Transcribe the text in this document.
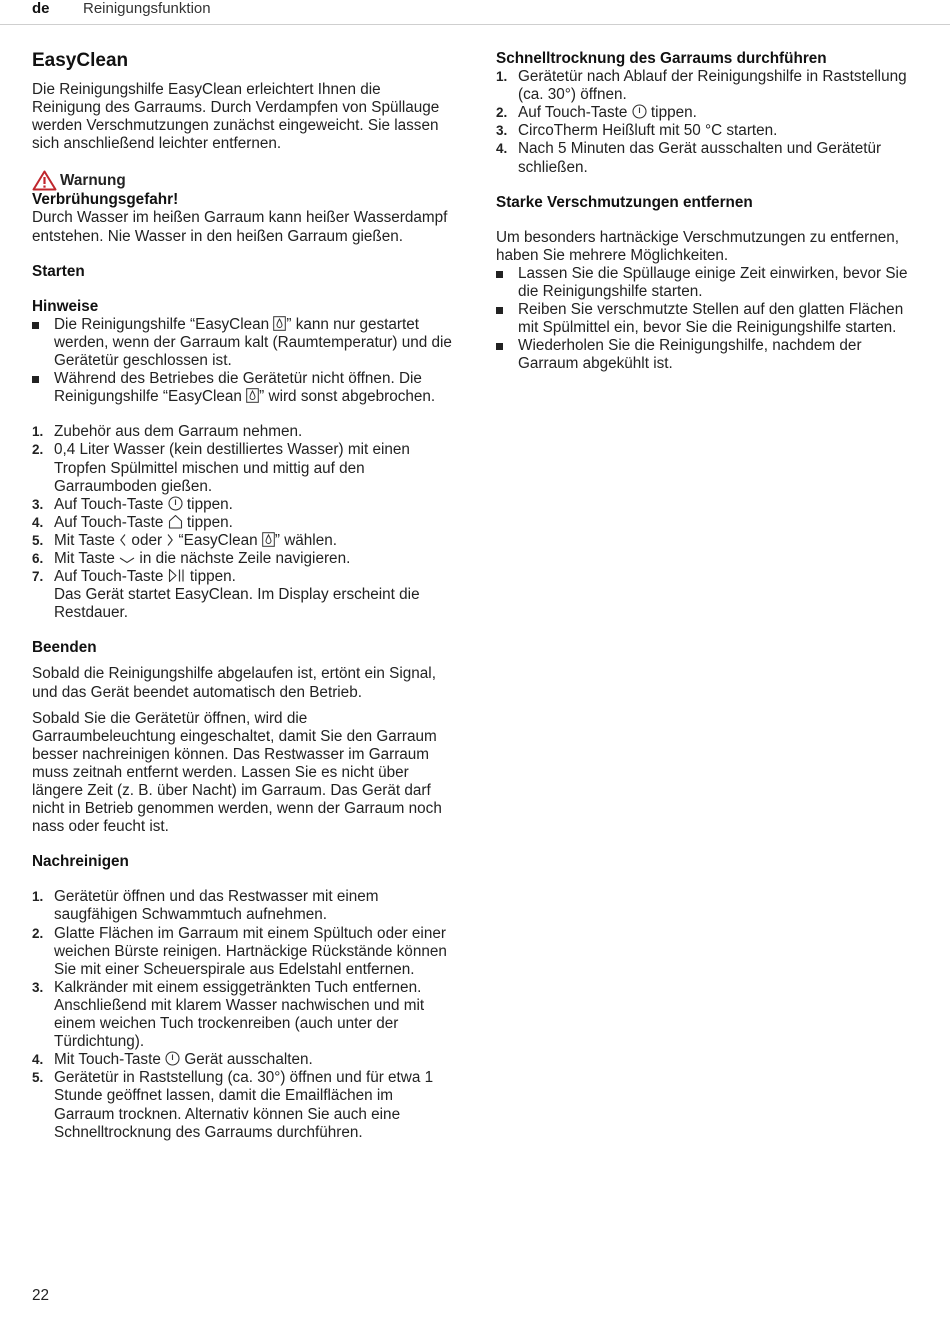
de Reinigungsfunktion
EasyClean

Die Reinigungshilfe EasyClean erleichtert Ihnen die Reinigung des Garraums. Durch Verdampfen von Spüllauge werden Verschmutzungen zunächst eingeweicht. Sie lassen sich anschließend leichter entfernen.

Warnung
Verbrühungsgefahr!

Durch Wasser im heißen Garraum kann heißer Wasserdampf entstehen. Nie Wasser in den heißen Garraum gießen.

Starten
Hinweise
Die Reinigungshilfe “EasyClean ” kann nur gestartet werden, wenn der Garraum kalt (Raumtemperatur) und die Gerätetür geschlossen ist.
Während des Betriebes die Gerätetür nicht öffnen. Die Reinigungshilfe “EasyClean ” wird sonst abgebrochen.
1. Zubehör aus dem Garraum nehmen.
2. 0,4 Liter Wasser (kein destilliertes Wasser) mit einen Tropfen Spülmittel mischen und mittig auf den Garraumboden gießen.
3. Auf Touch-Taste  tippen.
4. Auf Touch-Taste  tippen.
5. Mit Taste  oder  “EasyClean ” wählen.
6. Mit Taste  in die nächste Zeile navigieren.
7. Auf Touch-Taste  tippen.
Das Gerät startet EasyClean. Im Display erscheint die Restdauer.
Beenden

Sobald die Reinigungshilfe abgelaufen ist, ertönt ein Signal, und das Gerät beendet automatisch den Betrieb.

Sobald Sie die Gerätetür öffnen, wird die Garraumbeleuchtung eingeschaltet, damit Sie den Garraum besser nachreinigen können. Das Restwasser im Garraum muss zeitnah entfernt werden. Lassen Sie es nicht über längere Zeit (z. B. über Nacht) im Garraum. Das Gerät darf nicht in Betrieb genommen werden, wenn der Garraum noch nass oder feucht ist.

Nachreinigen
1. Gerätetür öffnen und das Restwasser mit einem saugfähigen Schwammtuch aufnehmen.
2. Glatte Flächen im Garraum mit einem Spültuch oder einer weichen Bürste reinigen. Hartnäckige Rückstände können Sie mit einer Scheuerspirale aus Edelstahl entfernen.
3. Kalkränder mit einem essiggetränkten Tuch entfernen. Anschließend mit klarem Wasser nachwischen und mit einem weichen Tuch trockenreiben (auch unter der Türdichtung).
4. Mit Touch-Taste  Gerät ausschalten.
5. Gerätetür in Raststellung (ca. 30°) öffnen und für etwa 1 Stunde geöffnet lassen, damit die Emailflächen im Garraum trocknen. Alternativ können Sie auch eine Schnelltrocknung des Garraums durchführen.
Schnelltrocknung des Garraums durchführen
1. Gerätetür nach Ablauf der Reinigungshilfe in Raststellung (ca. 30°) öffnen.
2. Auf Touch-Taste  tippen.
3. CircoTherm Heißluft mit 50 °C starten.
4. Nach 5 Minuten das Gerät ausschalten und Gerätetür schließen.
Starke Verschmutzungen entfernen

Um besonders hartnäckige Verschmutzungen zu entfernen, haben Sie mehrere Möglichkeiten.

Lassen Sie die Spüllauge einige Zeit einwirken, bevor Sie die Reinigungshilfe starten.
Reiben Sie verschmutzte Stellen auf den glatten Flächen mit Spülmittel ein, bevor Sie die Reinigungshilfe starten.
Wiederholen Sie die Reinigungshilfe, nachdem der Garraum abgekühlt ist.
22
